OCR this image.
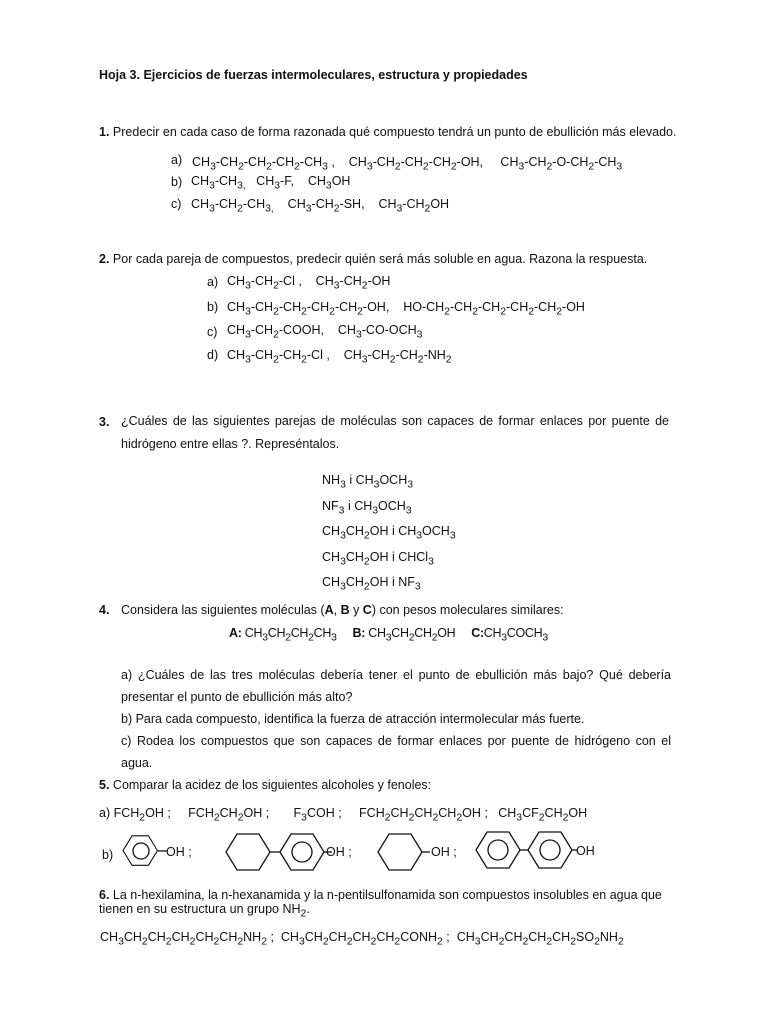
Hoja 3. Ejercicios de fuerzas intermoleculares, estructura y propiedades
1. Predecir en cada caso de forma razonada qué compuesto tendrá un punto de ebullición más elevado.
a) $CH_3-CH_2-CH_2-CH_2-CH_3$ ,    $CH_3-CH_2-CH_2-CH_2-OH$,     $CH_3-CH_2-O-CH_2-CH_3$
b) $CH_3-CH_{3,}$   $CH_3-F$,    $CH_3OH$
c) $CH_3-CH_2-CH_{3,}$    $CH_3-CH_2-SH$,    $CH_3-CH_2OH$
2. Por cada pareja de compuestos, predecir quién será más soluble en agua. Razona la respuesta.
a) $CH_3-CH_2-Cl$ ,    $CH_3-CH_2-OH$
b) $CH_3-CH_2-CH_2-CH_2-CH_2-OH$,    $HO-CH_2-CH_2-CH_2-CH_2-CH_2-OH$
c) $CH_3-CH_2$-COOH,    $CH_3-CO-OCH_3$
d) $CH_3-CH_2-CH_2-Cl$ ,    $CH_3-CH_2-CH_2-NH_2$
3. ¿Cuáles de las siguientes parejas de moléculas son capaces de formar enlaces por puente de hidrógeno entre ellas ?. Represéntalos.
$NH_3$ i $CH_3OCH_3$
$NF_3$ i $CH_3OCH_3$
$CH_3CH_2OH$ i $CH_3OCH_3$
$CH_3CH_2OH$ i CHCl$_3$
$CH_3CH_2OH$ i $NF_3$
4. Considera las siguientes moléculas (A, B y C) con pesos moleculares similares:
A: $CH_3CH_2CH_2CH_3$ B: $CH_3CH_2CH_2OH$     $C:CH_3COCH_3$
a) ¿Cuáles de las tres moléculas debería tener el punto de ebullición más bajo? Qué debería presentar el punto de ebullición más alto?
b) Para cada compuesto, identifica la fuerza de atracción intermolecular más fuerte.
c) Rodea los compuestos que son capaces de formar enlaces por puente de hidrógeno con el agua.
5. Comparar la acidez de los siguientes alcoholes y fenoles:
a) $FCH_2OH$ ;     $FCH_2CH_2OH$ ;       $F_3COH$ ;     $FCH_2CH_2CH_2CH_2OH$ ;   $CH_3CF_2CH_2OH$
b)	OH ;	OH ;	OH ;	OH
6. La n-hexilamina, la n-hexanamida y la n-pentilsulfonamida son compuestos insolubles en agua que tienen en su estructura un grupo $NH_2$.
$CH_3CH_2CH_2CH_2CH_2CH_2NH_2$ ;  $CH_3CH_2CH_2CH_2CH_2CONH_2$ ;  $CH_3CH_2CH_2CH_2CH_2SO_2NH_2$
